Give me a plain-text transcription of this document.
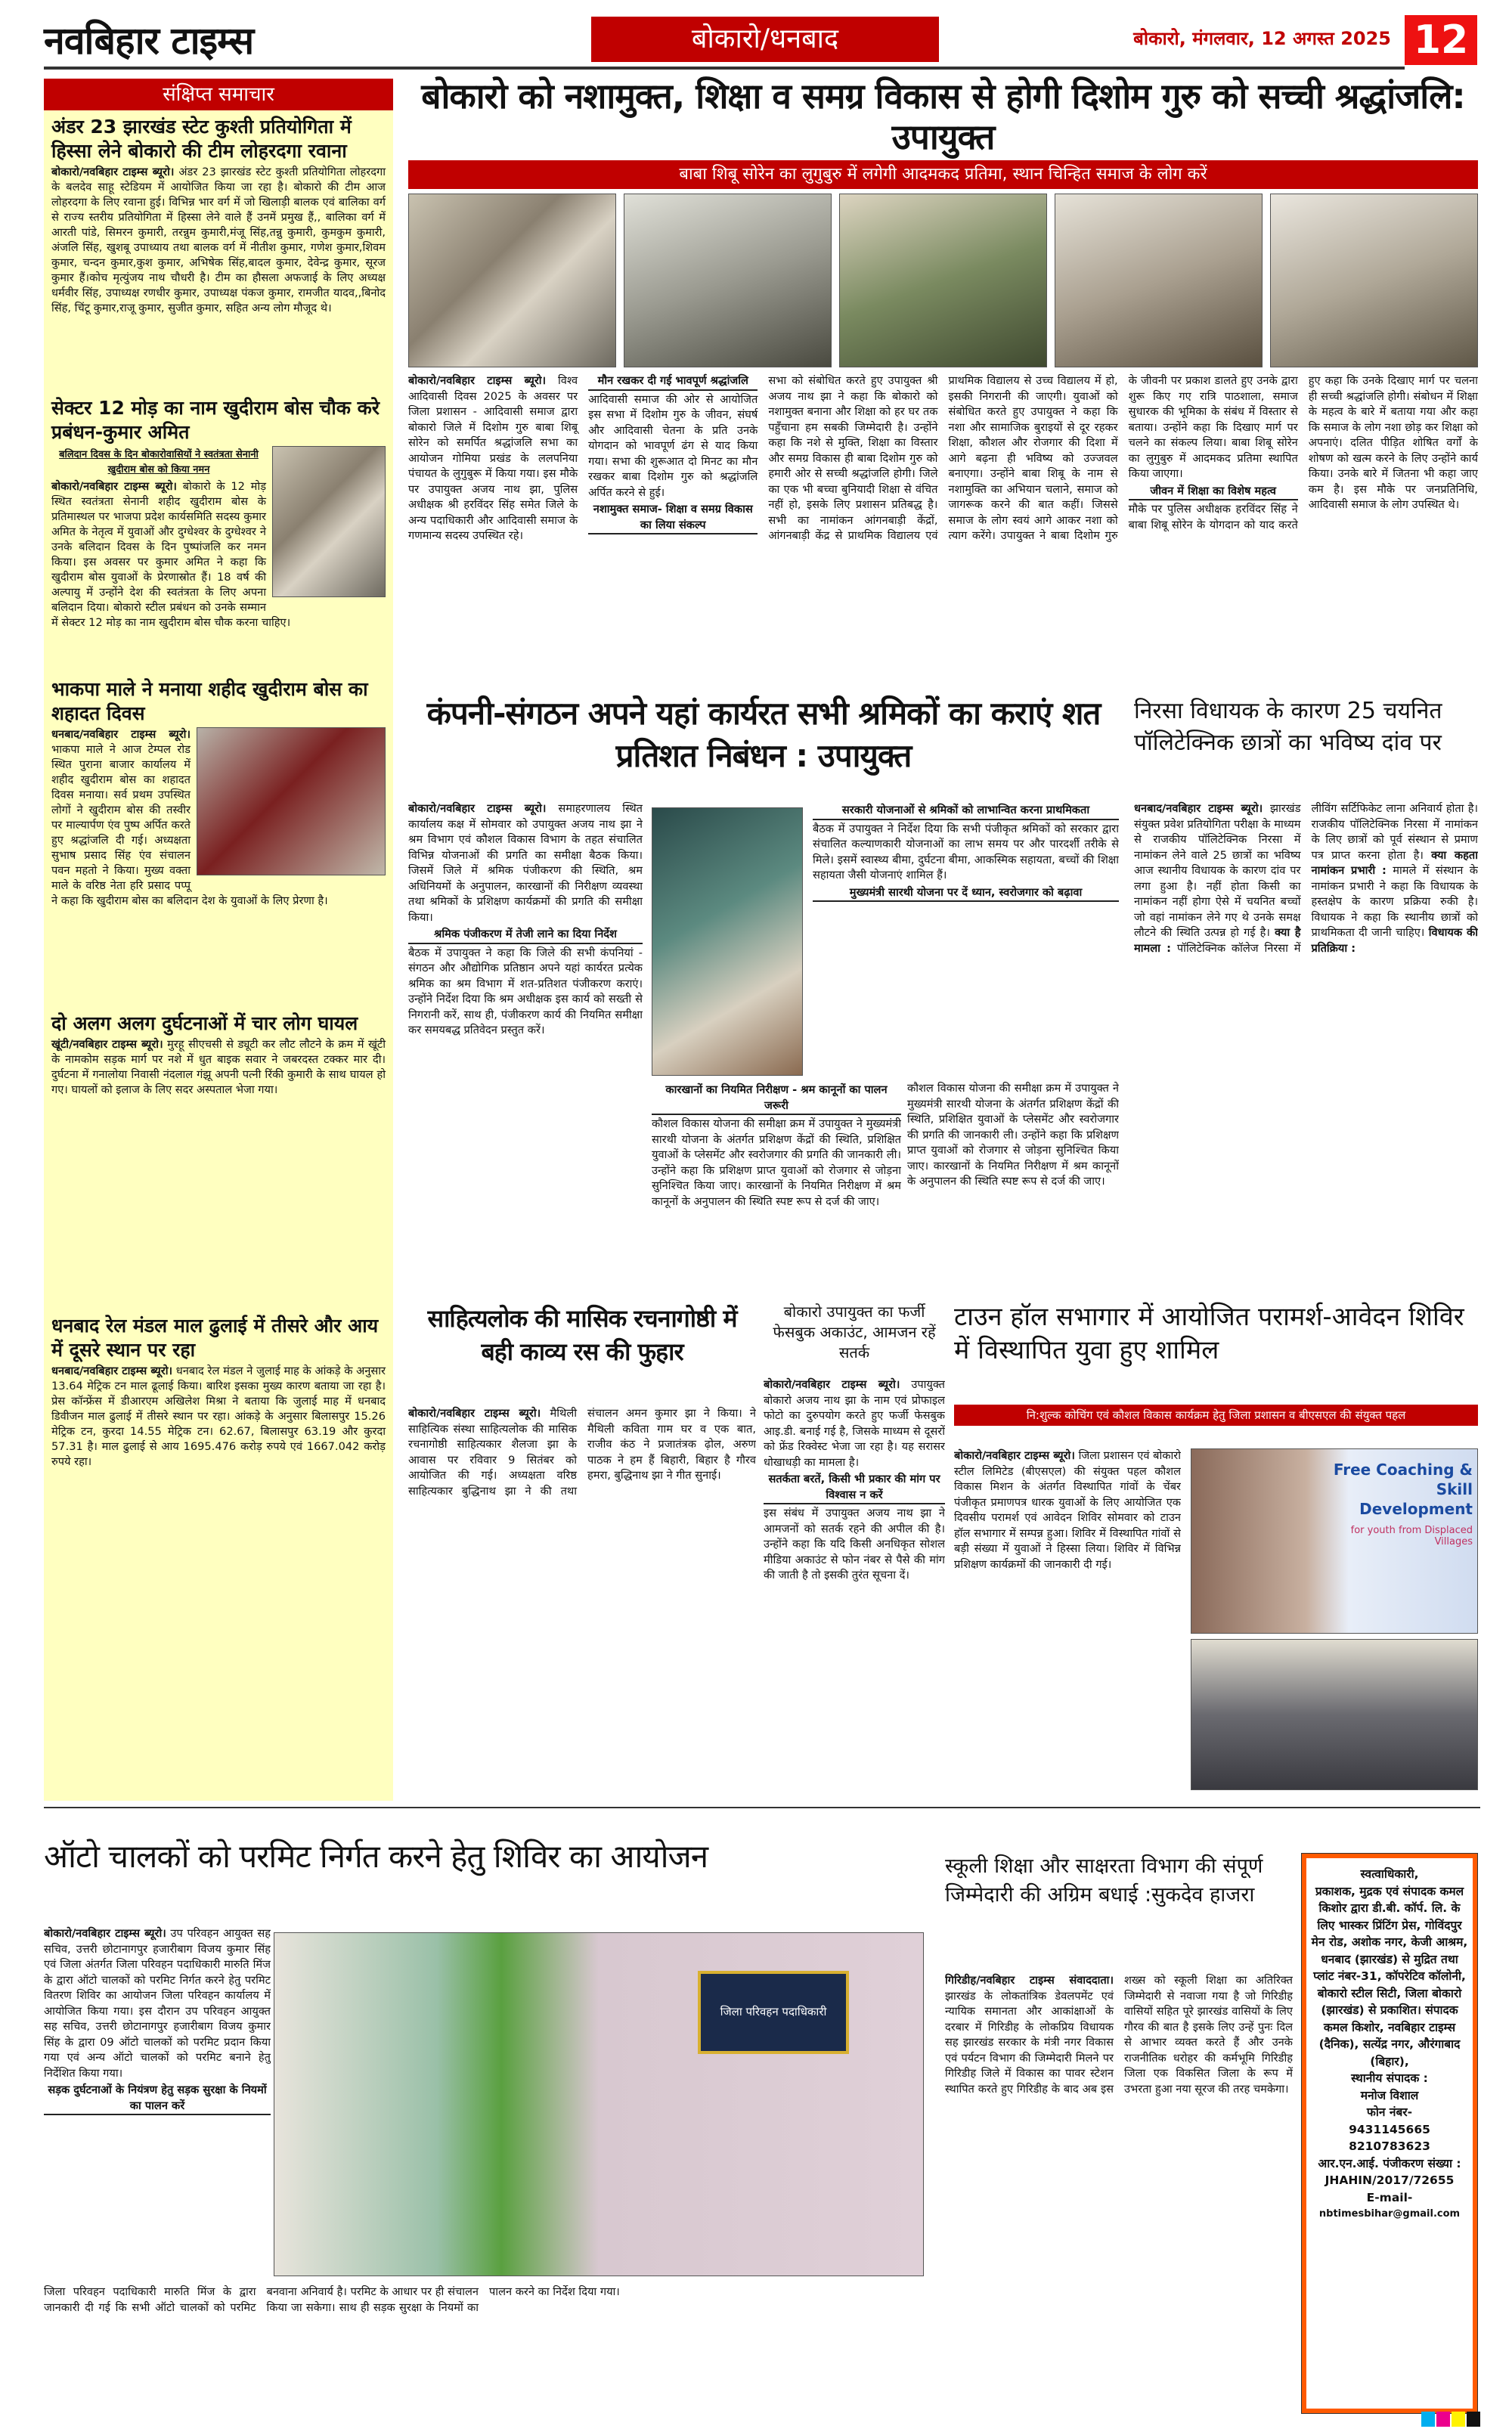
नवबिहार टाइम्स	बोकारो/धनबाद	बोकारो, मंगलवार, 12 अगस्त 2025 12
संक्षिप्त समाचार
अंडर 23 झारखंड स्टेट कुश्ती प्रतियोगिता में हिस्सा लेने बोकारो की टीम लोहरदगा रवाना
बोकारो/नवबिहार टाइम्स ब्यूरो। अंडर 23 झारखंड स्टेट कुश्ती प्रतियोगिता लोहरदगा के बलदेव साहू स्टेडियम में आयोजित किया जा रहा है। बोकारो की टीम आज लोहरदगा के लिए रवाना हुई। विभिन्न भार वर्ग में जो खिलाड़ी बालक एवं बालिका वर्ग से राज्य स्तरीय प्रतियोगिता में हिस्सा लेने वाले हैं उनमें प्रमुख हैं,, बालिका वर्ग में आरती पांडे, सिमरन कुमारी, तरन्नुम कुमारी,मंजू सिंह,तन्नु कुमारी, कुमकुम कुमारी, अंजलि सिंह, खुशबू उपाध्याय तथा बालक वर्ग में नीतीश कुमार, गणेश कुमार,शिवम कुमार, चन्दन कुमार,कुश कुमार, अभिषेक सिंह,बादल कुमार, देवेन्द्र कुमार, सूरज कुमार हैं।कोच मृत्युंजय नाथ चौधरी है। टीम का हौसला अफजाई के लिए अध्यक्ष धर्मवीर सिंह, उपाध्यक्ष रणधीर कुमार, उपाध्यक्ष पंकज कुमार, रामजीत यादव,,बिनोद सिंह, चिंटू कुमार,राजू कुमार, सुजीत कुमार, सहित अन्य लोग मौजूद थे।
सेक्टर 12 मोड़ का नाम खुदीराम बोस चौक करे प्रबंधन-कुमार अमित
बलिदान दिवस के दिन बोकारोवासियों ने स्वतंत्रता सेनानी खुदीराम बोस को किया नमन
बोकारो/नवबिहार टाइम्स ब्यूरो। बोकारो के 12 मोड़ स्थित स्वतंत्रता सेनानी शहीद खुदीराम बोस के प्रतिमास्थल पर भाजपा प्रदेश कार्यसमिति सदस्य कुमार अमित के नेतृत्व में युवाओं और दुग्धेश्वर के दुग्धेश्वर ने उनके बलिदान दिवस के दिन पुष्पांजलि कर नमन किया। इस अवसर पर कुमार अमित ने कहा कि खुदीराम बोस युवाओं के प्रेरणास्रोत हैं। 18 वर्ष की अल्पायु में उन्होंने देश की स्वतंत्रता के लिए अपना बलिदान दिया। बोकारो स्टील प्रबंधन को उनके सम्मान में सेक्टर 12 मोड़ का नाम खुदीराम बोस चौक करना चाहिए।
भाकपा माले ने मनाया शहीद खुदीराम बोस का शहादत दिवस
धनबाद/नवबिहार टाइम्स ब्यूरो। भाकपा माले ने आज टेम्पल रोड स्थित पुराना बाजार कार्यालय में शहीद खुदीराम बोस का शहादत दिवस मनाया। सर्व प्रथम उपस्थित लोगों ने खुदीराम बोस की तस्वीर पर माल्यार्पण एंव पुष्प अर्पित करते हुए श्रद्धांजलि दी गई। अध्यक्षता सुभाष प्रसाद सिंह एंव संचालन पवन महतो ने किया। मुख्य वक्ता माले के वरिष्ठ नेता हरि प्रसाद पप्पू ने कहा कि खुदीराम बोस का बलिदान देश के युवाओं के लिए प्रेरणा है।
दो अलग अलग दुर्घटनाओं में चार लोग घायल
खूंटी/नवबिहार टाइम्स ब्यूरो। मुरहू सीएचसी से ड्यूटी कर लौट लौटने के क्रम में खूंटी के नामकोम सड़क मार्ग पर नशे में धुत बाइक सवार ने जबरदस्त टक्कर मार दी। दुर्घटना में गनालोया निवासी नंदलाल गंझू अपनी पत्नी रिंकी कुमारी के साथ घायल हो गए। घायलों को इलाज के लिए सदर अस्पताल भेजा गया।
धनबाद रेल मंडल माल ढुलाई में तीसरे और आय में दूसरे स्थान पर रहा
धनबाद/नवबिहार टाइम्स ब्यूरो। धनबाद रेल मंडल ने जुलाई माह के आंकड़े के अनुसार 13.64 मेट्रिक टन माल ढूलाई किया। बारिश इसका मुख्य कारण बताया जा रहा है। प्रेस कॉन्फ्रेंस में डीआरएम अखिलेश मिश्रा ने बताया कि जुलाई माह में धनबाद डिवीजन माल ढुलाई में तीसरे स्थान पर रहा। आंकड़े के अनुसार बिलासपुर 15.26 मेट्रिक टन, कुरदा 14.55 मेट्रिक टन। 62.67, बिलासपुर 63.19 और कुरदा 57.31 है। माल ढुलाई से आय 1695.476 करोड़ रुपये एवं 1667.042 करोड़ रुपये रहा।
बोकारो को नशामुक्त, शिक्षा व समग्र विकास से होगी दिशोम गुरु को सच्ची श्रद्धांजलि: उपायुक्त
बाबा शिबू सोरेन का लुगुबुरु में लगेगी आदमकद प्रतिमा, स्थान चिन्हित समाज के लोग करें
बोकारो/नवबिहार टाइम्स ब्यूरो। विश्व आदिवासी दिवस 2025 के अवसर पर जिला प्रशासन - आदिवासी समाज द्वारा बोकारो जिले में दिशोम गुरु बाबा शिबू सोरेन को समर्पित श्रद्धांजलि सभा का आयोजन गोमिया प्रखंड के ललपनिया पंचायत के लुगुबुरू में किया गया। इस मौके पर उपायुक्त अजय नाथ झा, पुलिस अधीक्षक श्री हरविंदर सिंह समेत जिले के अन्य पदाधिकारी और आदिवासी समाज के गणमान्य सदस्य उपस्थित रहे।
मौन रखकर दी गई भावपूर्ण श्रद्धांजलि
आदिवासी समाज की ओर से आयोजित इस सभा में दिशोम गुरु के जीवन, संघर्ष और आदिवासी चेतना के प्रति उनके योगदान को भावपूर्ण ढंग से याद किया गया। सभा की शुरूआत दो मिनट का मौन रखकर बाबा दिशोम गुरु को श्रद्धांजलि अर्पित करने से हुई।
नशामुक्त समाज- शिक्षा व समग्र विकास का लिया संकल्प
सभा को संबोधित करते हुए उपायुक्त श्री अजय नाथ झा ने कहा कि बोकारो को नशामुक्त बनाना और शिक्षा को हर घर तक पहुँचाना हम सबकी जिम्मेदारी है। उन्होंने कहा कि नशे से मुक्ति, शिक्षा का विस्तार और समग्र विकास ही बाबा दिशोम गुरु को हमारी ओर से सच्ची श्रद्धांजलि होगी। जिले का एक भी बच्चा बुनियादी शिक्षा से वंचित नहीं हो, इसके लिए प्रशासन प्रतिबद्ध है। सभी का नामांकन आंगनबाड़ी केंद्रों, आंगनबाड़ी केंद्र से प्राथमिक विद्यालय एवं प्राथमिक विद्यालय से उच्च विद्यालय में हो, इसकी निगरानी की जाएगी। युवाओं को संबोधित करते हुए उपायुक्त ने कहा कि नशा और सामाजिक बुराइयों से दूर रहकर शिक्षा, कौशल और रोजगार की दिशा में आगे बढ़ना ही भविष्य को उज्जवल बनाएगा। उन्होंने बाबा शिबू के नाम से नशामुक्ति का अभियान चलाने, समाज को जागरूक करने की बात कहीं। जिससे समाज के लोग स्वयं आगे आकर नशा को त्याग करेंगे। उपायुक्त ने बाबा दिशोम गुरु के जीवनी पर प्रकाश डालते हुए उनके द्वारा शुरू किए गए रात्रि पाठशाला, समाज सुधारक की भूमिका के संबंध में विस्तार से बताया। उन्होंने कहा कि दिखाए मार्ग पर चलने का संकल्प लिया। बाबा शिबू सोरेन का लुगुबुरु में आदमकद प्रतिमा स्थापित किया जाएगा।
जीवन में शिक्षा का विशेष महत्व
मौके पर पुलिस अधीक्षक हरविंदर सिंह ने बाबा शिबू सोरेन के योगदान को याद करते हुए कहा कि उनके दिखाए मार्ग पर चलना ही सच्ची श्रद्धांजलि होगी। संबोधन में शिक्षा के महत्व के बारे में बताया गया और कहा कि समाज के लोग नशा छोड़ कर शिक्षा को अपनाएं। दलित पीड़ित शोषित वर्गों के शोषण को खत्म करने के लिए उन्होंने कार्य किया। उनके बारे में जितना भी कहा जाए कम है। इस मौके पर जनप्रतिनिधि, आदिवासी समाज के लोग उपस्थित थे।
कंपनी-संगठन अपने यहां कार्यरत सभी श्रमिकों का कराएं शत प्रतिशत निबंधन : उपायुक्त
बोकारो/नवबिहार टाइम्स ब्यूरो। समाहरणालय स्थित कार्यालय कक्ष में सोमवार को उपायुक्त अजय नाथ झा ने श्रम विभाग एवं कौशल विकास विभाग के तहत संचालित विभिन्न योजनाओं की प्रगति का समीक्षा बैठक किया। जिसमें जिले में श्रमिक पंजीकरण की स्थिति, श्रम अधिनियमों के अनुपालन, कारखानों की निरीक्षण व्यवस्था तथा श्रमिकों के प्रशिक्षण कार्यक्रमों की प्रगति की समीक्षा किया।
श्रमिक पंजीकरण में तेजी लाने का दिया निर्देश
बैठक में उपायुक्त ने कहा कि जिले की सभी कंपनियां - संगठन और औद्योगिक प्रतिष्ठान अपने यहां कार्यरत प्रत्येक श्रमिक का श्रम विभाग में शत-प्रतिशत पंजीकरण कराएं। उन्होंने निर्देश दिया कि श्रम अधीक्षक इस कार्य को सख्ती से निगरानी करें, साथ ही, पंजीकरण कार्य की नियमित समीक्षा कर समयबद्ध प्रतिवेदन प्रस्तुत करें।
कारखानों का नियमित निरीक्षण - श्रम कानूनों का पालन जरूरी
कौशल विकास योजना की समीक्षा क्रम में उपायुक्त ने मुख्यमंत्री सारथी योजना के अंतर्गत प्रशिक्षण केंद्रों की स्थिति, प्रशिक्षित युवाओं के प्लेसमेंट और स्वरोजगार की प्रगति की जानकारी ली। उन्होंने कहा कि प्रशिक्षण प्राप्त युवाओं को रोजगार से जोड़ना सुनिश्चित किया जाए। कारखानों के नियमित निरीक्षण में श्रम कानूनों के अनुपालन की स्थिति स्पष्ट रूप से दर्ज की जाए।
सरकारी योजनाओं से श्रमिकों को लाभान्वित करना प्राथमिकता
बैठक में उपायुक्त ने निर्देश दिया कि सभी पंजीकृत श्रमिकों को सरकार द्वारा संचालित कल्याणकारी योजनाओं का लाभ समय पर और पारदर्शी तरीके से मिले। इसमें स्वास्थ्य बीमा, दुर्घटना बीमा, आकस्मिक सहायता, बच्चों की शिक्षा सहायता जैसी योजनाएं शामिल हैं।
मुख्यमंत्री सारथी योजना पर दें ध्यान, स्वरोजगार को बढ़ावा
कौशल विकास योजना की समीक्षा क्रम में उपायुक्त ने मुख्यमंत्री सारथी योजना के अंतर्गत प्रशिक्षण केंद्रों की स्थिति, प्रशिक्षित युवाओं के प्लेसमेंट और स्वरोजगार की प्रगति की जानकारी ली। उन्होंने कहा कि प्रशिक्षण प्राप्त युवाओं को रोजगार से जोड़ना सुनिश्चित किया जाए। कारखानों के नियमित निरीक्षण में श्रम कानूनों के अनुपालन की स्थिति स्पष्ट रूप से दर्ज की जाए।
निरसा विधायक के कारण 25 चयनित पॉलिटेक्निक छात्रों का भविष्य दांव पर
धनबाद/नवबिहार टाइम्स ब्यूरो। झारखंड संयुक्त प्रवेश प्रतियोगिता परीक्षा के माध्यम से राजकीय पॉलिटेक्निक निरसा में नामांकन लेने वाले 25 छात्रों का भविष्य आज स्थानीय विधायक के कारण दांव पर लगा हुआ है। नहीं होता किसी का नामांकन नहीं होगा ऐसे में चयनित बच्चों जो वहां नामांकन लेने गए थे उनके समक्ष लौटने की स्थिति उत्पन्न हो गई है। क्या है मामला : पॉलिटेक्निक कॉलेज निरसा में लीविंग सर्टिफिकेट लाना अनिवार्य होता है। राजकीय पॉलिटेक्निक निरसा में नामांकन के लिए छात्रों को पूर्व संस्थान से प्रमाण पत्र प्राप्त करना होता है। क्या कहता नामांकन प्रभारी : मामले में संस्थान के नामांकन प्रभारी ने कहा कि विधायक के हस्तक्षेप के कारण प्रक्रिया रुकी है। विधायक ने कहा कि स्थानीय छात्रों को प्राथमिकता दी जानी चाहिए। विधायक की प्रतिक्रिया :
साहित्यलोक की मासिक रचनागोष्ठी में बही काव्य रस की फुहार
बोकारो/नवबिहार टाइम्स ब्यूरो। मैथिली साहित्यिक संस्था साहित्यलोक की मासिक रचनागोष्ठी साहित्यकार शैलजा झा के आवास पर रविवार 9 सितंबर को आयोजित की गई। अध्यक्षता वरिष्ठ साहित्यकार बुद्धिनाथ झा ने की तथा संचालन अमन कुमार झा ने किया। ने मैथिली कविता गाम घर व एक बात, राजीव कंठ ने प्रजातंत्रक ढ़ोल, अरुण पाठक ने हम हैं बिहारी, बिहार है गौरव हमरा, बुद्धिनाथ झा ने गीत सुनाई।
बोकारो उपायुक्त का फर्जी फेसबुक अकाउंट, आमजन रहें सतर्क
बोकारो/नवबिहार टाइम्स ब्यूरो। उपायुक्त बोकारो अजय नाथ झा के नाम एवं प्रोफाइल फोटो का दुरुपयोग करते हुए फर्जी फेसबुक आइ.डी. बनाई गई है, जिसके माध्यम से दूसरों को फ्रेंड रिक्वेस्ट भेजा जा रहा है। यह सरासर धोखाधड़ी का मामला है।
सतर्कता बरतें, किसी भी प्रकार की मांग पर विश्वास न करें
इस संबंध में उपायुक्त अजय नाथ झा ने आमजनों को सतर्क रहने की अपील की है। उन्होंने कहा कि यदि किसी अनधिकृत सोशल मीडिया अकाउंट से फोन नंबर से पैसे की मांग की जाती है तो इसकी तुरंत सूचना दें।
टाउन हॉल सभागार में आयोजित परामर्श-आवेदन शिविर में विस्थापित युवा हुए शामिल
नि:शुल्क कोचिंग एवं कौशल विकास कार्यक्रम हेतु जिला प्रशासन व बीएसएल की संयुक्त पहल
बोकारो/नवबिहार टाइम्स ब्यूरो। जिला प्रशासन एवं बोकारो स्टील लिमिटेड (बीएसएल) की संयुक्त पहल कौशल विकास मिशन के अंतर्गत विस्थापित गांवों के चेंबर पंजीकृत प्रमाणपत्र धारक युवाओं के लिए आयोजित एक दिवसीय परामर्श एवं आवेदन शिविर सोमवार को टाउन हॉल सभागार में सम्पन्न हुआ। शिविर में विस्थापित गांवों से बड़ी संख्या में युवाओं ने हिस्सा लिया। शिविर में विभिन्न प्रशिक्षण कार्यक्रमों की जानकारी दी गई।
Free Coaching & Skill Development
for youth from Displaced Villages
ऑटो चालकों को परमिट निर्गत करने हेतु शिविर का आयोजन
बोकारो/नवबिहार टाइम्स ब्यूरो। उप परिवहन आयुक्त सह सचिव, उत्तरी छोटानागपुर हजारीबाग विजय कुमार सिंह एवं जिला अंतर्गत जिला परिवहन पदाधिकारी मारुति मिंज के द्वारा ऑटो चालकों को परमिट निर्गत करने हेतु परमिट वितरण शिविर का आयोजन जिला परिवहन कार्यालय में आयोजित किया गया। इस दौरान उप परिवहन आयुक्त सह सचिव, उत्तरी छोटानागपुर हजारीबाग विजय कुमार सिंह के द्वारा 09 ऑटो चालकों को परमिट प्रदान किया गया एवं अन्य ऑटो चालकों को परमिट बनाने हेतु निर्देशित किया गया।
सड़क दुर्घटनाओं के नियंत्रण हेतु सड़क सुरक्षा के नियमों का पालन करें
जिला परिवहन पदाधिकारी
जिला परिवहन पदाधिकारी मारुति मिंज के द्वारा जानकारी दी गई कि सभी ऑटो चालकों को परमिट बनवाना अनिवार्य है। परमिट के आधार पर ही संचालन किया जा सकेगा। साथ ही सड़क सुरक्षा के नियमों का पालन करने का निर्देश दिया गया।
स्कूली शिक्षा और साक्षरता विभाग की संपूर्ण जिम्मेदारी की अग्रिम बधाई :सुकदेव हाजरा
गिरिडीह/नवबिहार टाइम्स संवाददाता। झारखंड के लोकतांत्रिक डेवलपमेंट एवं न्यायिक समानता और आकांक्षाओं के दरबार में गिरिडीह के लोकप्रिय विधायक सह झारखंड सरकार के मंत्री नगर विकास एवं पर्यटन विभाग की जिम्मेदारी मिलने पर गिरिडीह जिले में विकास का पावर स्टेशन स्थापित करते हुए गिरिडीह के बाद अब इस शख्स को स्कूली शिक्षा का अतिरिक्त जिम्मेदारी से नवाजा गया है जो गिरिडीह वासियों सहित पूरे झारखंड वासियों के लिए गौरव की बात है इसके लिए उन्हें पुनः दिल से आभार व्यक्त करते हैं और उनके राजनीतिक धरोहर की कर्मभूमि गिरिडीह जिला एक विकसित जिला के रूप में उभरता हुआ नया सूरज की तरह चमकेगा।
स्वत्वाधिकारी,
प्रकाशक, मुद्रक एवं संपादक कमल किशोर द्वारा डी.बी. कॉर्प. लि. के लिए भास्कर प्रिंटिंग प्रेस, गोविंदपुर मेन रोड, अशोक नगर, केजी आश्रम, धनबाद (झारखंड) से मुद्रित तथा प्लांट नंबर-31, कॉपरेटिव कॉलोनी, बोकारो स्टील सिटी, जिला बोकारो (झारखंड) से प्रकाशित। संपादक कमल किशोर, नवबिहार टाइम्स (दैनिक), सत्येंद्र नगर, औरंगाबाद (बिहार),
स्थानीय संपादक :
मनोज विशाल
फोन नंबर-
9431145665
8210783623
आर.एन.आई. पंजीकरण संख्या :
JHAHIN/2017/72655
E-mail-
nbtimesbihar@gmail.com
